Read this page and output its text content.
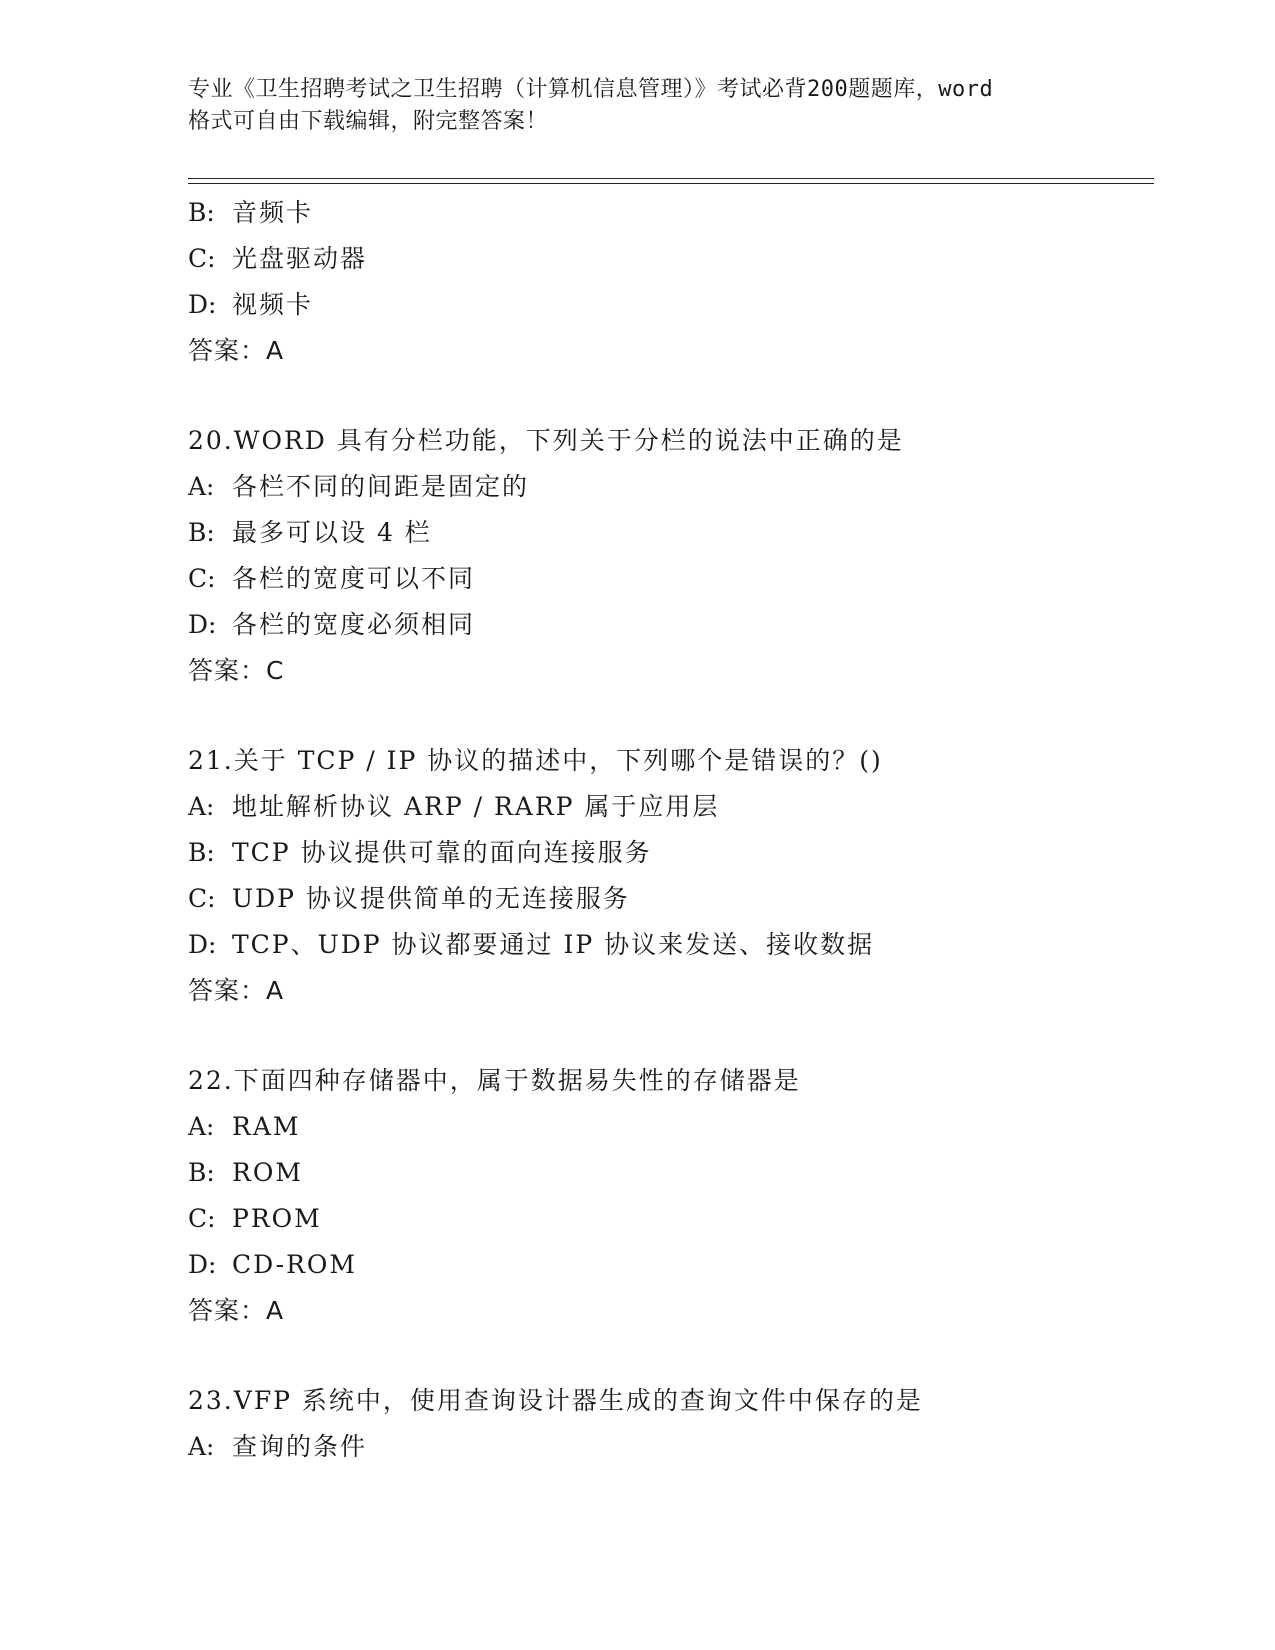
专业《卫生招聘考试之卫生招聘（计算机信息管理）》考试必背200题题库，word
格式可自由下载编辑，附完整答案！
B: 音频卡
C: 光盘驱动器
D: 视频卡
答案：A
20.WORD 具有分栏功能，下列关于分栏的说法中正确的是
A: 各栏不同的间距是固定的
B: 最多可以设 4 栏
C: 各栏的宽度可以不同
D: 各栏的宽度必须相同
答案：C
21.关于 TCP / IP 协议的描述中，下列哪个是错误的？()
A: 地址解析协议 ARP / RARP 属于应用层
B: TCP 协议提供可靠的面向连接服务
C: UDP 协议提供简单的无连接服务
D: TCP、UDP 协议都要通过 IP 协议来发送、接收数据
答案：A
22.下面四种存储器中，属于数据易失性的存储器是
A: RAM
B: ROM
C: PROM
D: CD-ROM
答案：A
23.VFP 系统中，使用查询设计器生成的查询文件中保存的是
A: 查询的条件
